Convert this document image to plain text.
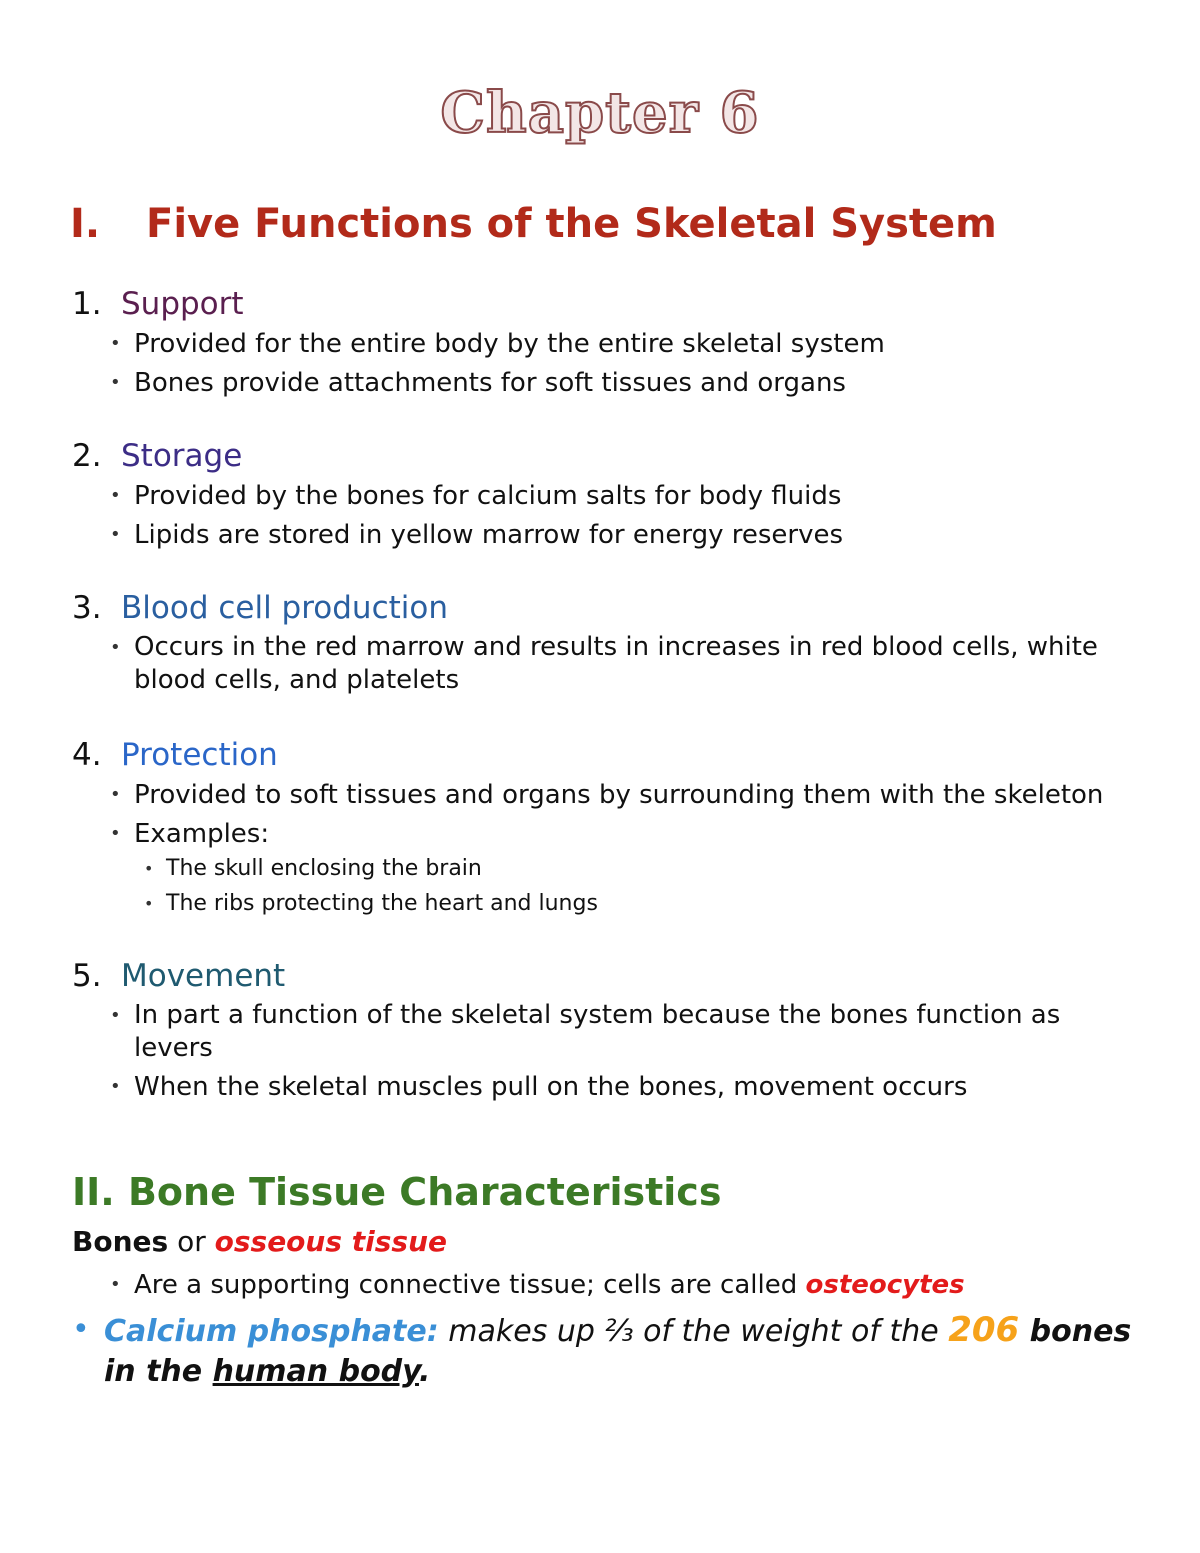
Chapter 6
I. Five Functions of the Skeletal System
1. Support
• Provided for the entire body by the entire skeletal system
• Bones provide attachments for soft tissues and organs
2. Storage
• Provided by the bones for calcium salts for body fluids
• Lipids are stored in yellow marrow for energy reserves
3. Blood cell production
• Occurs in the red marrow and results in increases in red blood cells, white blood cells, and platelets
4. Protection
• Provided to soft tissues and organs by surrounding them with the skeleton
• Examples:
• The skull enclosing the brain
• The ribs protecting the heart and lungs
5. Movement
• In part a function of the skeletal system because the bones function as levers
• When the skeletal muscles pull on the bones, movement occurs
II. Bone Tissue Characteristics
Bones or osseous tissue
• Are a supporting connective tissue; cells are called osteocytes
• Calcium phosphate: makes up ⅔ of the weight of the 206 bones in the human body.
